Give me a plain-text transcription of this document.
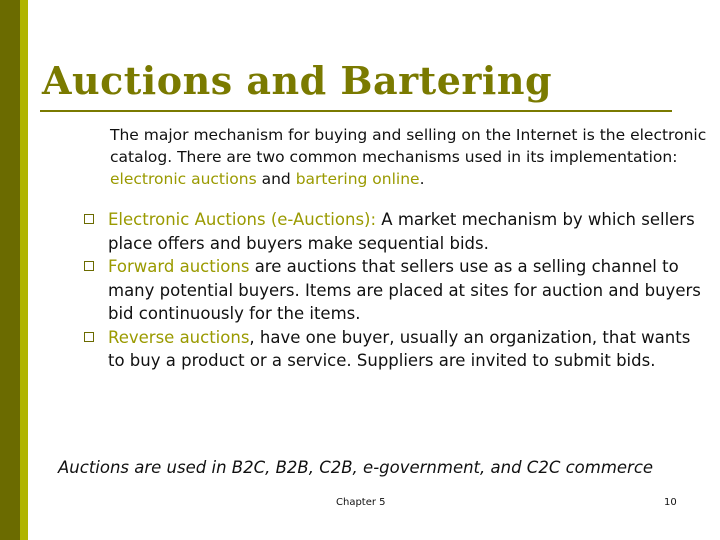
Auctions and Bartering

The major mechanism for buying and selling on the Internet is the electronic catalog. There are two common mechanisms used in its implementation: electronic auctions and bartering online.

Electronic Auctions (e-Auctions): A market mechanism by which sellers place offers and buyers make sequential bids.
Forward auctions are auctions that sellers use as a selling channel to many potential buyers. Items are placed at sites for auction and buyers bid continuously for the items.
Reverse auctions, have one buyer, usually an organization, that wants to buy a product or a service. Suppliers are invited to submit bids.

Auctions are used in B2C, B2B, C2B, e-government, and C2C commerce

Chapter 5	10
